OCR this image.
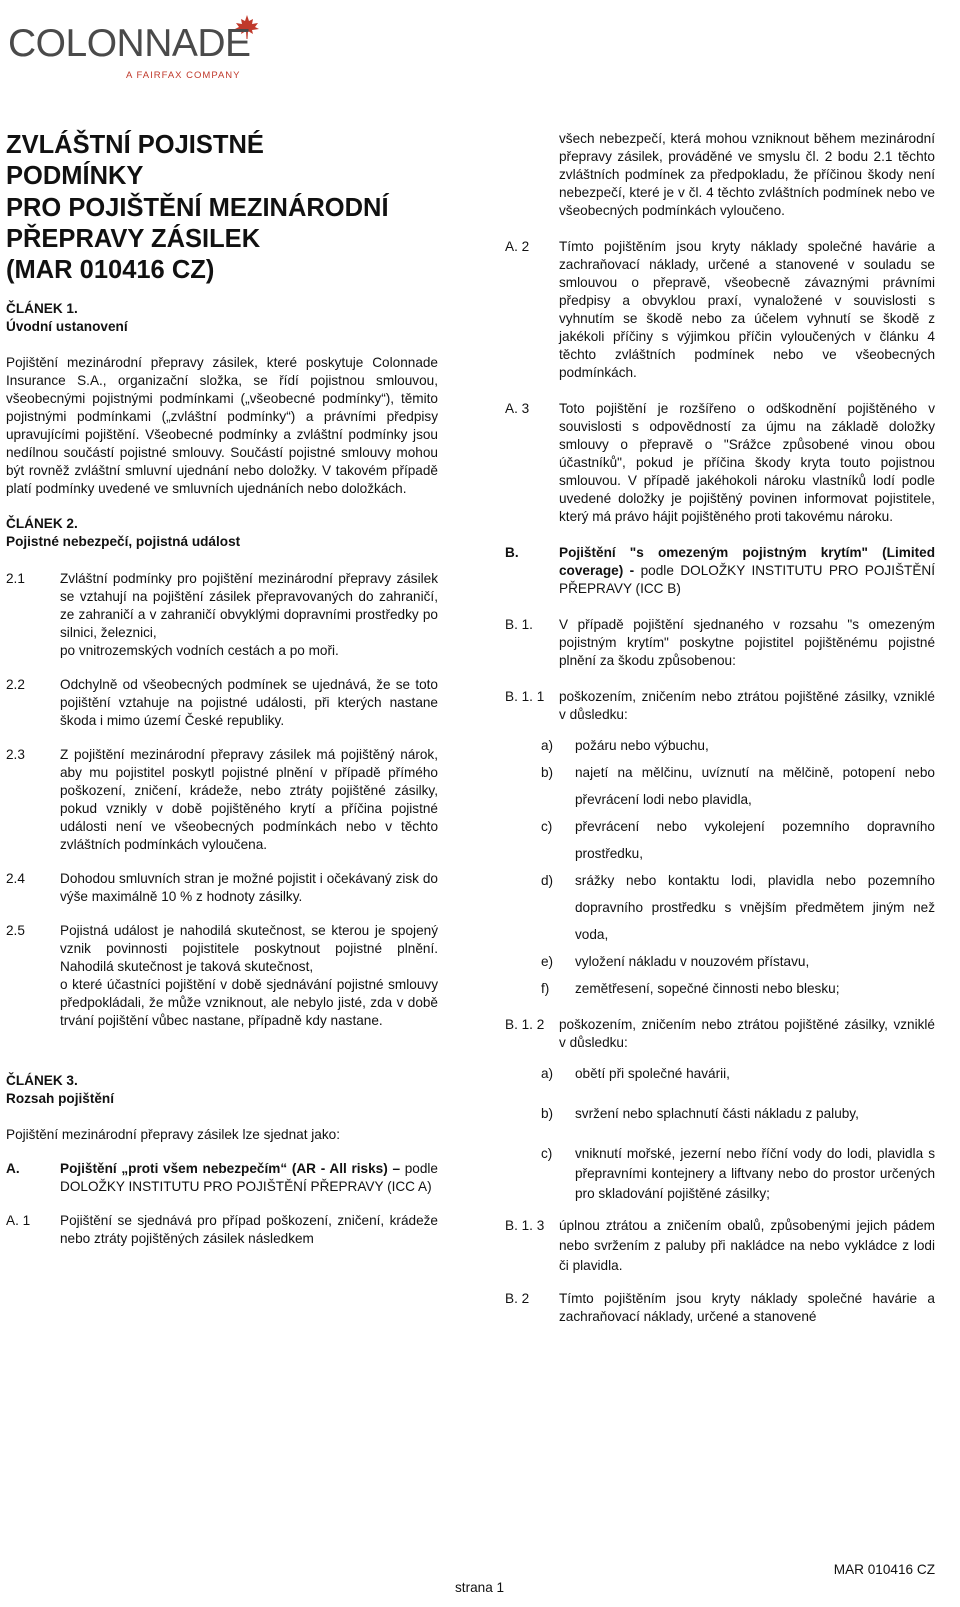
COLONNADE
A FAIRFAX COMPANY
ZVLÁŠTNÍ POJISTNÉ
PODMÍNKY
PRO POJIŠTĚNÍ MEZINÁRODNÍ
PŘEPRAVY ZÁSILEK
(MAR 010416 CZ)
ČLÁNEK 1.
Úvodní ustanovení

Pojištění mezinárodní přepravy zásilek, které poskytuje Colonnade Insurance S.A., organizační složka, se řídí pojistnou smlouvou, všeobecnými pojistnými podmínkami („všeobecné podmínky“), těmito pojistnými podmínkami („zvláštní podmínky“) a právními předpisy upravujícími pojištění. Všeobecné podmínky a zvláštní podmínky jsou nedílnou součástí pojistné smlouvy. Součástí pojistné smlouvy mohou být rovněž zvláštní smluvní ujednání nebo doložky. V takovém případě platí podmínky uvedené ve smluvních ujednáních nebo doložkách.

ČLÁNEK 2.
Pojistné nebezpečí, pojistná událost
2.1	Zvláštní podmínky pro pojištění mezinárodní přepravy zásilek se vztahují na pojištění zásilek přepravovaných do zahraničí, ze zahraničí a v zahraničí obvyklými dopravními prostředky po silnici, železnici,
po vnitrozemských vodních cestách a po moři.
2.2	Odchylně od všeobecných podmínek se ujednává, že se toto pojištění vztahuje na pojistné události, při kterých nastane škoda i mimo území České republiky.
2.3	Z pojištění mezinárodní přepravy zásilek má pojištěný nárok, aby mu pojistitel poskytl pojistné plnění v případě přímého poškození, zničení, krádeže, nebo ztráty pojištěné zásilky, pokud vznikly v době pojištěného krytí a příčina pojistné události není ve všeobecných podmínkách nebo v těchto zvláštních podmínkách vyloučena.
2.4	Dohodou smluvních stran je možné pojistit i očekávaný zisk do výše maximálně 10 % z hodnoty zásilky.
2.5	Pojistná událost je nahodilá skutečnost, se kterou je spojený vznik povinnosti pojistitele poskytnout pojistné plnění. Nahodilá skutečnost je taková skutečnost,
o které účastníci pojištění v době sjednávání pojistné smlouvy předpokládali, že může vzniknout, ale nebylo jisté, zda v době trvání pojištění vůbec nastane, případně kdy nastane.
ČLÁNEK 3.
Rozsah pojištění

Pojištění mezinárodní přepravy zásilek lze sjednat jako:

A.	Pojištění „proti všem nebezpečím“ (AR - All risks) – podle DOLOŽKY INSTITUTU PRO POJIŠTĚNÍ PŘEPRAVY (ICC A)
A. 1	Pojištění se sjednává pro případ poškození, zničení, krádeže nebo ztráty pojištěných zásilek následkem
všech nebezpečí, která mohou vzniknout během mezinárodní přepravy zásilek, prováděné ve smyslu čl. 2 bodu 2.1 těchto zvláštních podmínek za předpokladu, že příčinou škody není nebezpečí, které je v čl. 4 těchto zvláštních podmínek nebo ve všeobecných podmínkách vyloučeno.
A. 2	Tímto pojištěním jsou kryty náklady společné havárie a zachraňovací náklady, určené a stanovené v souladu se smlouvou o přepravě, všeobecně závaznými právními předpisy a obvyklou praxí, vynaložené v souvislosti s vyhnutím se škodě nebo za účelem vyhnutí se škodě z jakékoli příčiny s výjimkou příčin vyloučených v článku 4 těchto zvláštních podmínek nebo ve všeobecných podmínkách.
A. 3	Toto pojištění je rozšířeno o odškodnění pojištěného v souvislosti s odpovědností za újmu na základě doložky smlouvy o přepravě o "Srážce způsobené vinou obou účastníků", pokud je příčina škody kryta touto pojistnou smlouvou. V případě jakéhokoli nároku vlastníků lodí podle uvedené doložky je pojištěný povinen informovat pojistitele, který má právo hájit pojištěného proti takovému nároku.
B.	Pojištění "s omezeným pojistným krytím" (Limited coverage) - podle DOLOŽKY INSTITUTU PRO POJIŠTĚNÍ PŘEPRAVY (ICC B)
B. 1.	V případě pojištění sjednaného v rozsahu "s omezeným pojistným krytím" poskytne pojistitel pojištěnému pojistné plnění za škodu způsobenou:
B. 1. 1	poškozením, zničením nebo ztrátou pojištěné zásilky, vzniklé v důsledku:
a)	požáru nebo výbuchu,
b)	najetí na mělčinu, uvíznutí na mělčině, potopení nebo převrácení lodi nebo plavidla,
c)	převrácení nebo vykolejení pozemního dopravního prostředku,
d)	srážky nebo kontaktu lodi, plavidla nebo pozemního dopravního prostředku s vnějším předmětem jiným než voda,
e)	vyložení nákladu v nouzovém přístavu,
f)	zemětřesení, sopečné činnosti nebo blesku;
B. 1. 2	poškozením, zničením nebo ztrátou pojištěné zásilky, vzniklé v důsledku:
a)	obětí při společné havárii,
b)	svržení nebo splachnutí části nákladu z paluby,
c)	vniknutí mořské, jezerní nebo říční vody do lodi, plavidla s přepravními kontejnery a liftvany nebo do prostor určených pro skladování pojištěné zásilky;
B. 1. 3	úplnou ztrátou a zničením obalů, způsobenými jejich pádem nebo svržením z paluby při nakládce na nebo vykládce z lodi či plavidla.
B. 2	Tímto pojištěním jsou kryty náklady společné havárie a zachraňovací náklady, určené a stanovené
MAR 010416 CZ
strana 1
